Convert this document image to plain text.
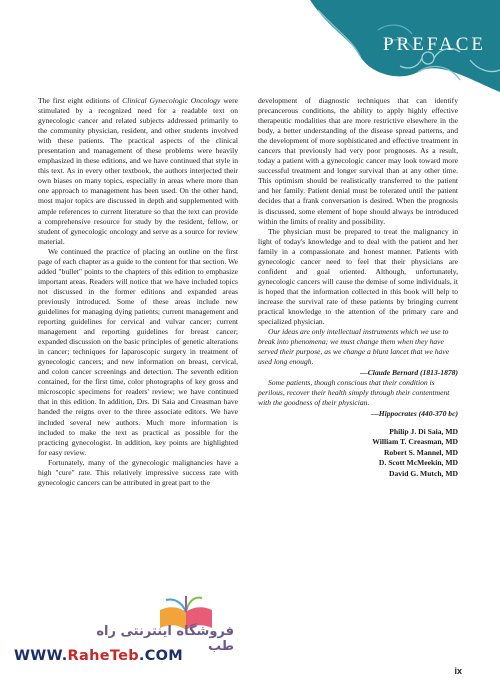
PREFACE

The first eight editions of Clinical Gynecologic Oncology were stimulated by a recognized need for a readable text on gynecologic cancer and related subjects addressed primarily to the community physician, resident, and other students involved with these patients. The practical aspects of the clinical presentation and management of these problems were heavily emphasized in these editions, and we have continued that style in this text. As in every other textbook, the authors interjected their own biases on many topics, especially in areas where more than one approach to management has been used. On the other hand, most major topics are discussed in depth and supplemented with ample references to current literature so that the text can provide a comprehensive resource for study by the resident, fellow, or student of gynecologic oncology and serve as a source for review material.

We continued the practice of placing an outline on the first page of each chapter as a guide to the content for that section. We added "bullet" points to the chapters of this edition to emphasize important areas. Readers will notice that we have included topics not discussed in the former editions and expanded areas previously introduced. Some of these areas include new guidelines for managing dying patients; current management and reporting guidelines for cervical and vulvar cancer; current management and reporting guidelines for breast cancer; expanded discussion on the basic principles of genetic alterations in cancer; techniques for laparoscopic surgery in treatment of gynecologic cancers; and new information on breast, cervical, and colon cancer screenings and detection. The seventh edition contained, for the first time, color photographs of key gross and microscopic specimens for readers' review; we have continued that in this edition. In addition, Drs. Di Saia and Creasman have handed the reigns over to the three associate editors. We have included several new authors. Much more information is included to make the text as practical as possible for the practicing gynecologist. In addition, key points are highlighted for easy review.

Fortunately, many of the gynecologic malignancies have a high "cure" rate. This relatively impressive success rate with gynecologic cancers can be attributed in great part to the

development of diagnostic techniques that can identify precancerous conditions, the ability to apply highly effective therapeutic modalities that are more restrictive elsewhere in the body, a better understanding of the disease spread patterns, and the development of more sophisticated and effective treatment in cancers that previously had very poor prognoses. As a result, today a patient with a gynecologic cancer may look toward more successful treatment and longer survival than at any other time. This optimism should be realistically transferred to the patient and her family. Patient denial must be tolerated until the patient decides that a frank conversation is desired. When the prognosis is discussed, some element of hope should always be introduced within the limits of reality and possibility.

The physician must be prepared to treat the malignancy in light of today's knowledge and to deal with the patient and her family in a compassionate and honest manner. Patients with gynecologic cancer need to feel that their physicians are confident and goal oriented. Although, unfortunately, gynecologic cancers will cause the demise of some individuals, it is hoped that the information collected in this book will help to increase the survival rate of these patients by bringing current practical knowledge to the attention of the primary care and specialized physician.

Our ideas are only intellectual instruments which we use to break into phenomena; we must change them when they have served their purpose, as we change a blunt lancet that we have used long enough.

—Claude Bernard (1813-1878)

Some patients, though conscious that their condition is perilous, recover their health simply through their contentment with the goodness of their physician.

—Hippocrates (440-370 bc)
Philip J. Di Saia, MD
William T. Creasman, MD
Robert S. Mannel, MD
D. Scott McMeekin, MD
David G. Mutch, MD
فروشگاه اینترنتی راه طب
WWW.RaheTeb.COM
ix
